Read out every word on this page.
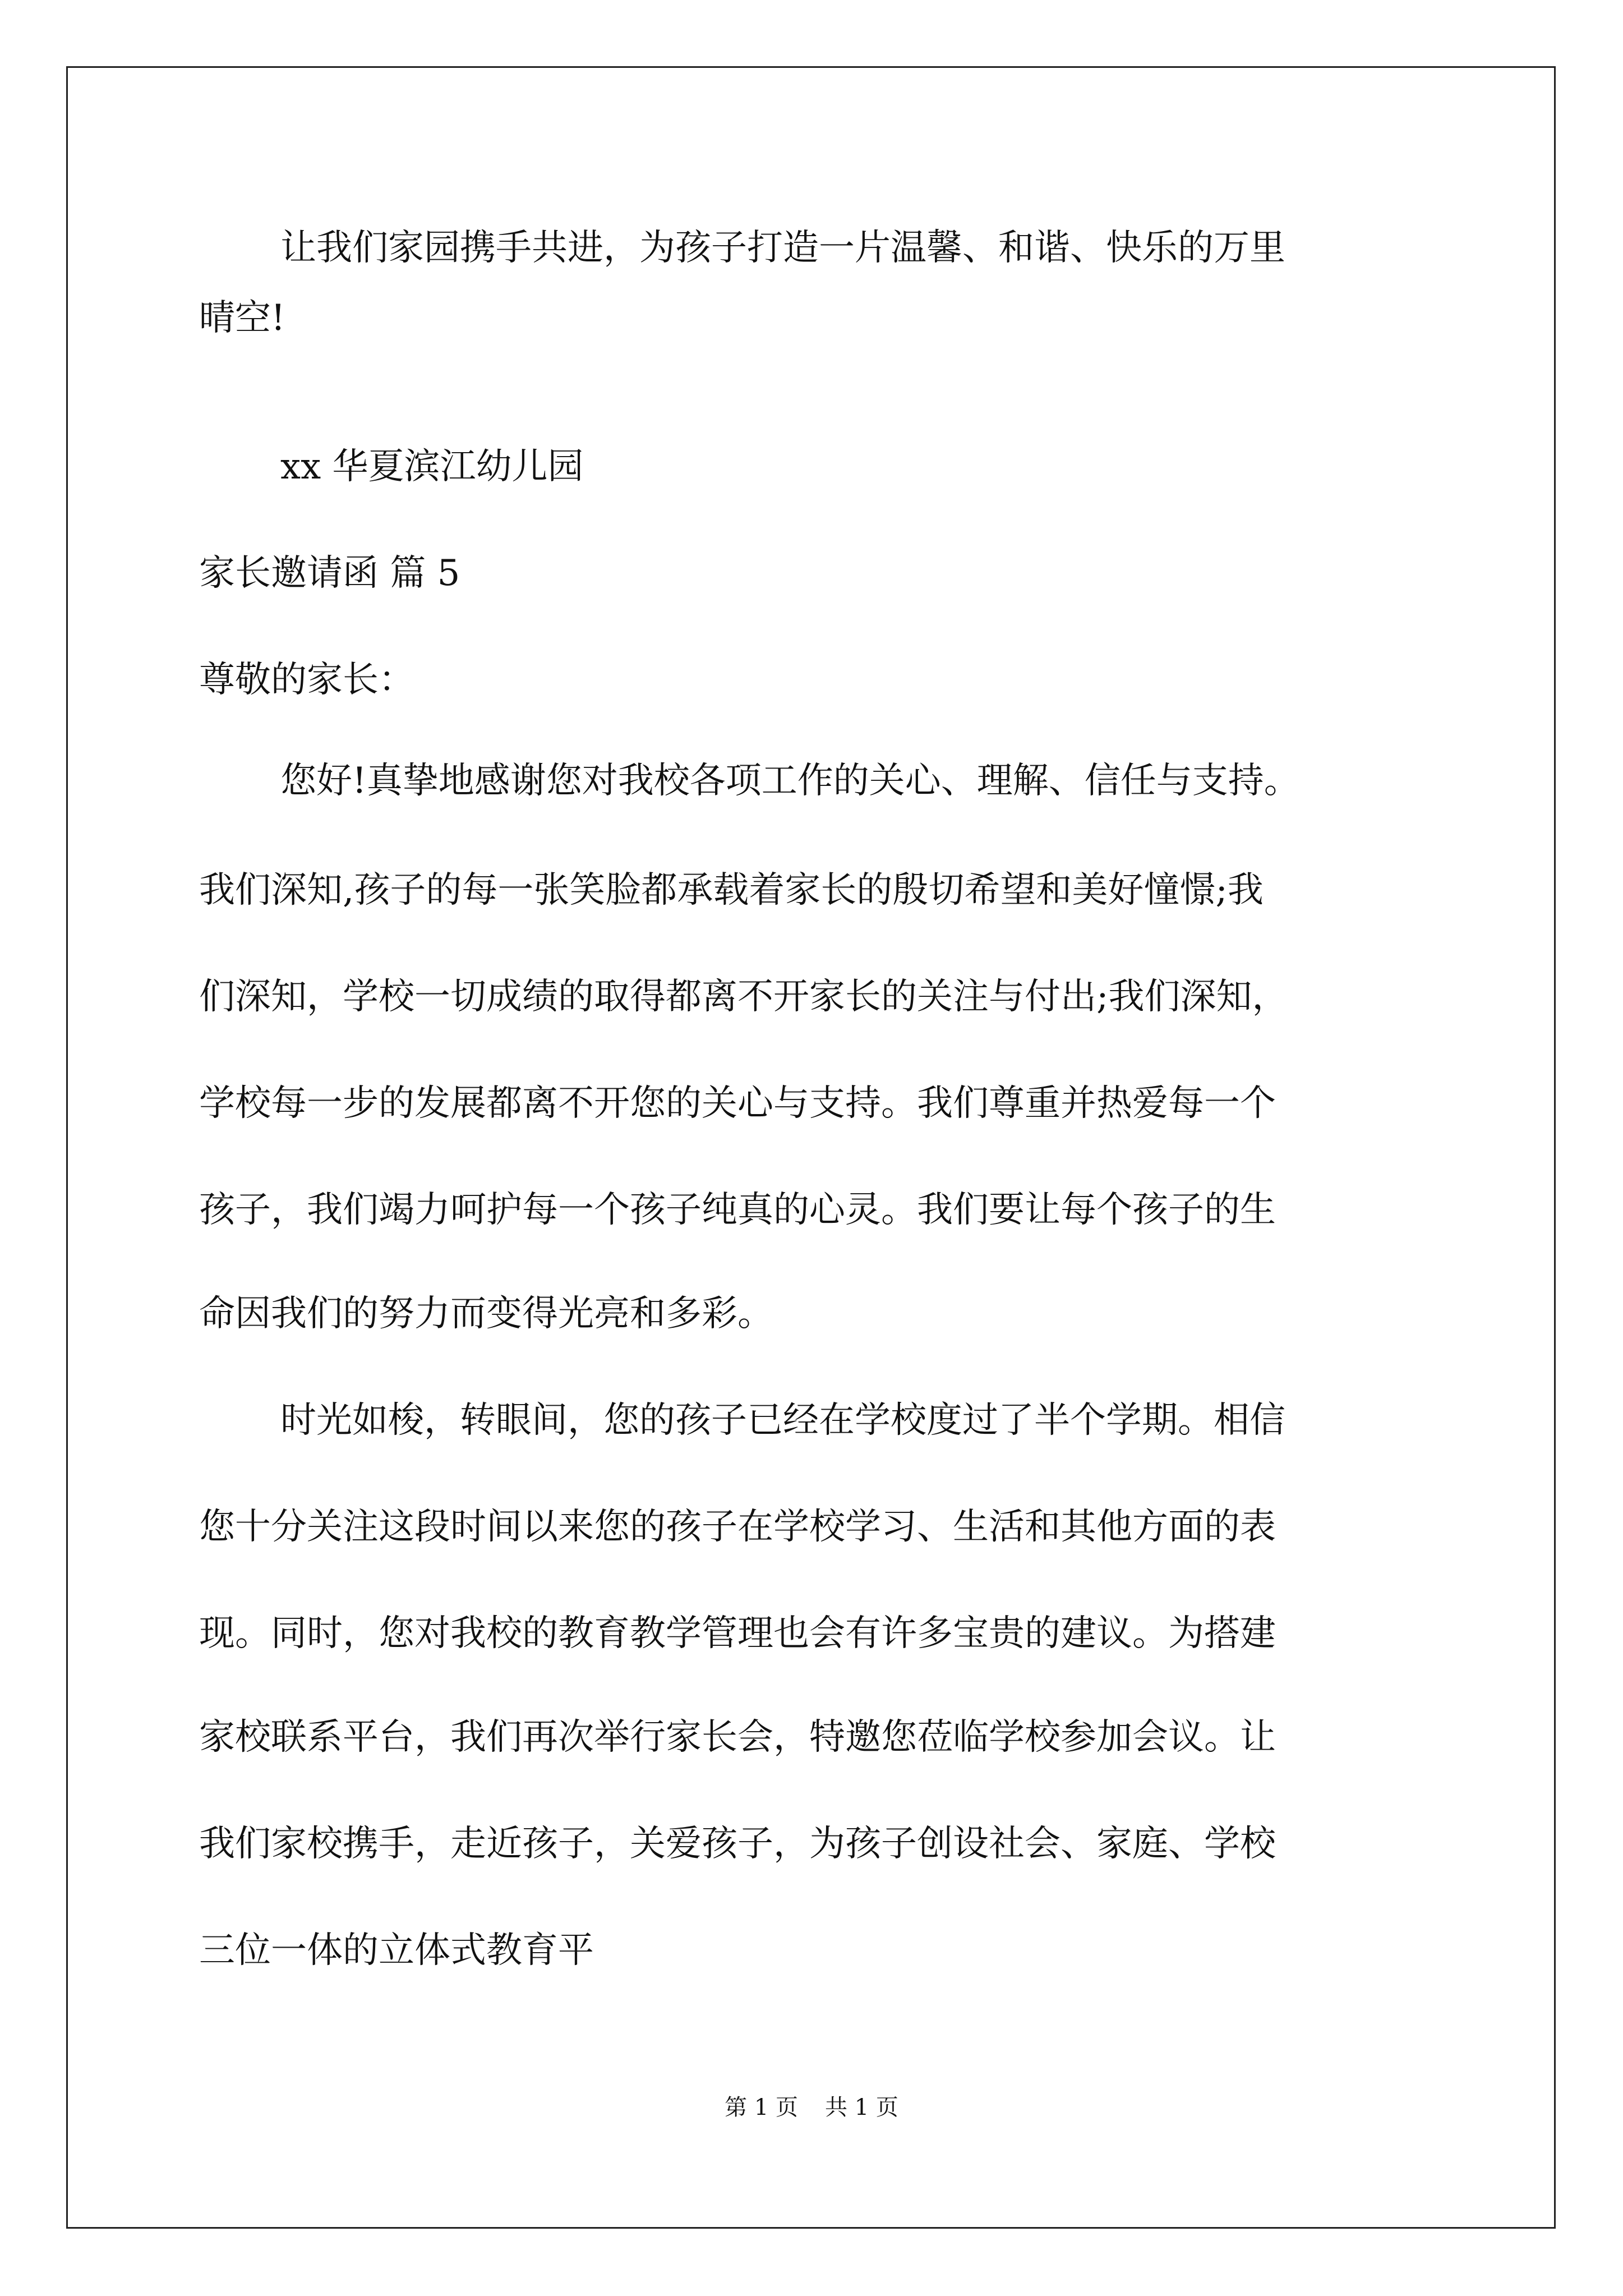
让我们家园携手共进，为孩子打造一片温馨、和谐、快乐的万里
晴空!
xx 华夏滨江幼儿园
家长邀请函 篇 5
尊敬的家长：
您好!真挚地感谢您对我校各项工作的关心、理解、信任与支持。
我们深知,孩子的每一张笑脸都承载着家长的殷切希望和美好憧憬;我
们深知，学校一切成绩的取得都离不开家长的关注与付出;我们深知，
学校每一步的发展都离不开您的关心与支持。我们尊重并热爱每一个
孩子，我们竭力呵护每一个孩子纯真的心灵。我们要让每个孩子的生
命因我们的努力而变得光亮和多彩。
时光如梭，转眼间，您的孩子已经在学校度过了半个学期。相信
您十分关注这段时间以来您的孩子在学校学习、生活和其他方面的表
现。同时，您对我校的教育教学管理也会有许多宝贵的建议。为搭建
家校联系平台，我们再次举行家长会，特邀您莅临学校参加会议。让
我们家校携手，走近孩子，关爱孩子，为孩子创设社会、家庭、学校
三位一体的立体式教育平
第 1 页 共 1 页
